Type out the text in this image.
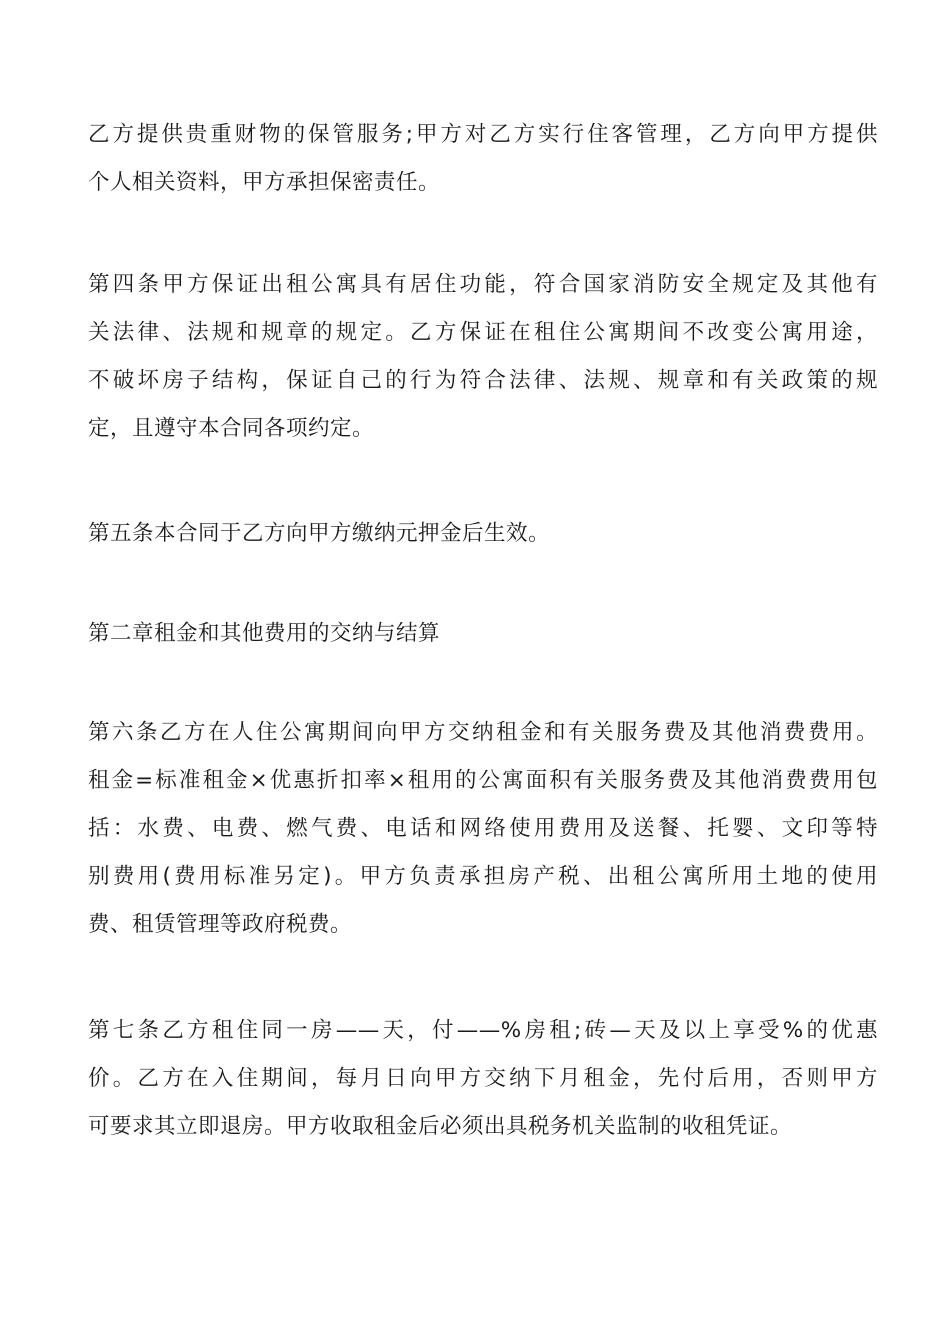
乙方提供贵重财物的保管服务;甲方对乙方实行住客管理，乙方向甲方提供
个人相关资料，甲方承担保密责任。

第四条甲方保证出租公寓具有居住功能，符合国家消防安全规定及其他有
关法律、法规和规章的规定。乙方保证在租住公寓期间不改变公寓用途，
不破坏房子结构，保证自己的行为符合法律、法规、规章和有关政策的规
定，且遵守本合同各项约定。

第五条本合同于乙方向甲方缴纳元押金后生效。

第二章租金和其他费用的交纳与结算

第六条乙方在人住公寓期间向甲方交纳租金和有关服务费及其他消费费用。
租金=标准租金×优惠折扣率×租用的公寓面积有关服务费及其他消费费用包
括：水费、电费、燃气费、电话和网络使用费用及送餐、托婴、文印等特
别费用(费用标准另定)。甲方负责承担房产税、出租公寓所用土地的使用
费、租赁管理等政府税费。

第七条乙方租住同一房——天，付——%房租;砖—天及以上享受%的优惠
价。乙方在入住期间，每月日向甲方交纳下月租金，先付后用，否则甲方
可要求其立即退房。甲方收取租金后必须出具税务机关监制的收租凭证。
